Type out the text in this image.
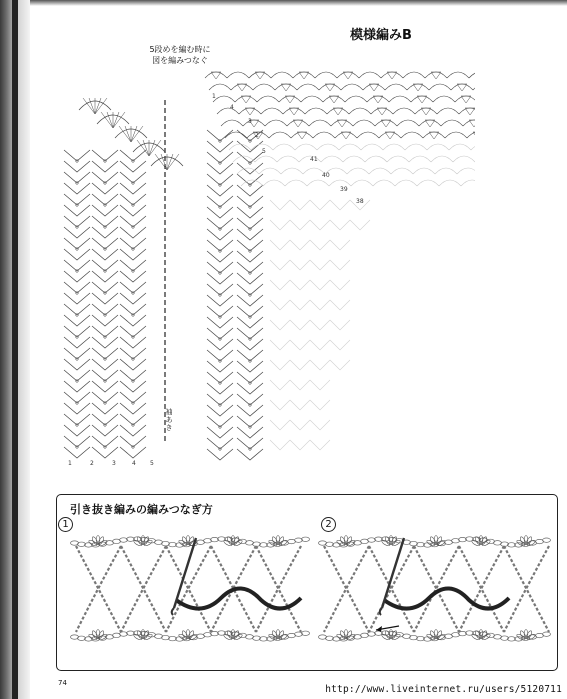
模様編みB
5段めを編む時に
図を編みつなぐ
袖
あき
1	2	3	4 5
1
4
3
2
5
41
40
39
38
引き抜き編みの編みつなぎ方
1	2
74
http://www.liveinternet.ru/users/5120711
